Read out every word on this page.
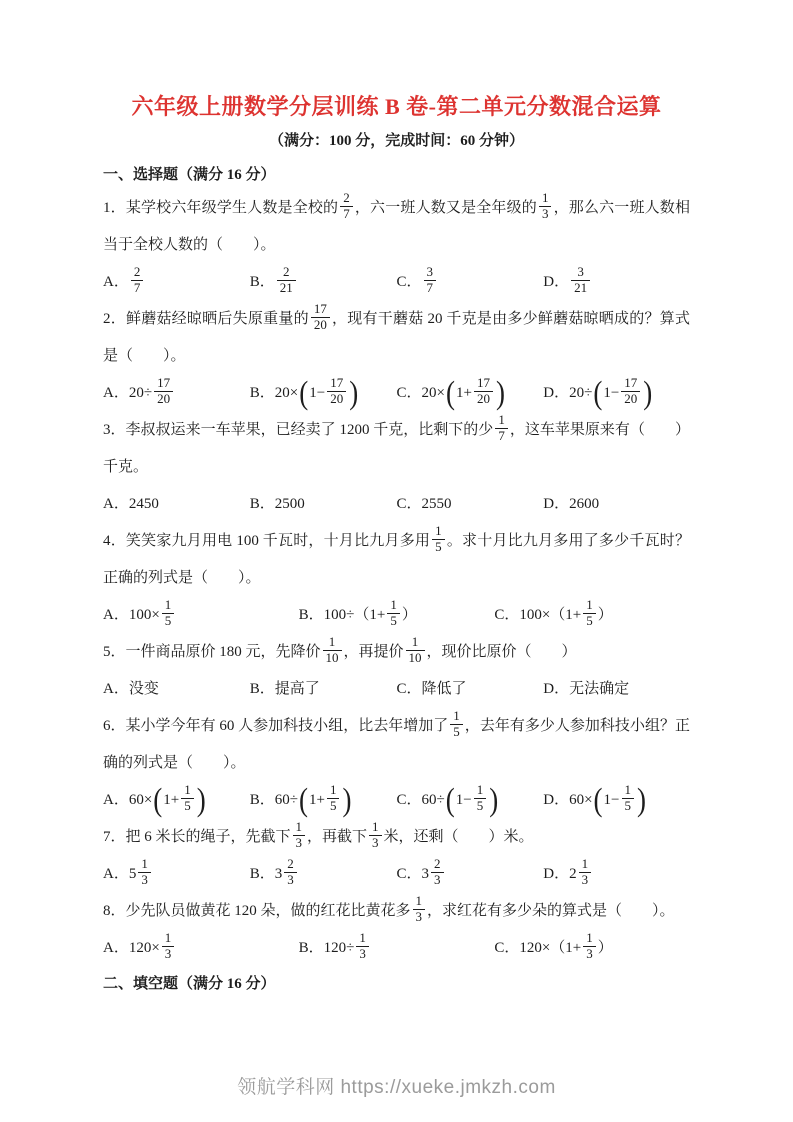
六年级上册数学分层训练 B 卷-第二单元分数混合运算
（满分：100 分，完成时间：60 分钟）
一、选择题（满分 16 分）
1．某学校六年级学生人数是全校的 $\frac{2}{7}$ ，六一班人数又是全年级的 $\frac{1}{3}$ ，那么六一班人数相当于全校人数的（　　）。
A． $\frac{2}{7}$	B． $\frac{2}{21}$	C． $\frac{3}{7}$	D． $\frac{3}{21}$
2．鲜蘑菇经晾晒后失原重量的 $\frac{17}{20}$ ，现有干蘑菇 20 千克是由多少鲜蘑菇晾晒成的？算式是（　　）。
A．$20\div \frac{17}{20}$	B．$20\times(1- \frac{17}{20}$ )	C．$20\times(1+ \frac{17}{20}$ )	D．$20\div(1- \frac{17}{20}$ )
3．李叔叔运来一车苹果，已经卖了 1200 千克，比剩下的少 $\frac{1}{7}$ ，这车苹果原来有（　　）千克。
A．2450	B．2500	C．2550	D．2600
4．笑笑家九月用电 100 千瓦时，十月比九月多用 $\frac{1}{5}$ 。求十月比九月多用了多少千瓦时？正确的列式是（　　）。
A．$100\times \frac{1}{5}$	B．$100\div(1+ \frac{1}{5}$ ）	C．$100\times(1+ \frac{1}{5}$ ）
5．一件商品原价 180 元，先降价 $\frac{1}{10}$ ，再提价 $\frac{1}{10}$ ，现价比原价（　　）
A．没变	B．提高了	C．降低了	D．无法确定
6．某小学今年有 60 人参加科技小组，比去年增加了 $\frac{1}{5}$ ，去年有多少人参加科技小组？正确的列式是（　　）。
A．$60\times(1+ \frac{1}{5}$ )	B．$60\div(1+ \frac{1}{5}$ )	C．$60\div(1- \frac{1}{5}$ )	D．$60\times(1- \frac{1}{5}$ )
7．把 6 米长的绳子，先截下 $\frac{1}{3}$ ，再截下 $\frac{1}{3}$ 米，还剩（　　）米。
A．$5 \frac{1}{3}$	B．$3 \frac{2}{3}$	C．$3 \frac{2}{3}$	D．$2 \frac{1}{3}$
8．少先队员做黄花 120 朵，做的红花比黄花多 $\frac{1}{3}$ ，求红花有多少朵的算式是（　　）。
A．$120\times \frac{1}{3}$	B．$120\div \frac{1}{3}$	C．$120\times(1+ \frac{1}{3}$ ）
二、填空题（满分 16 分）
领航学科网 https://xueke.jmkzh.com
